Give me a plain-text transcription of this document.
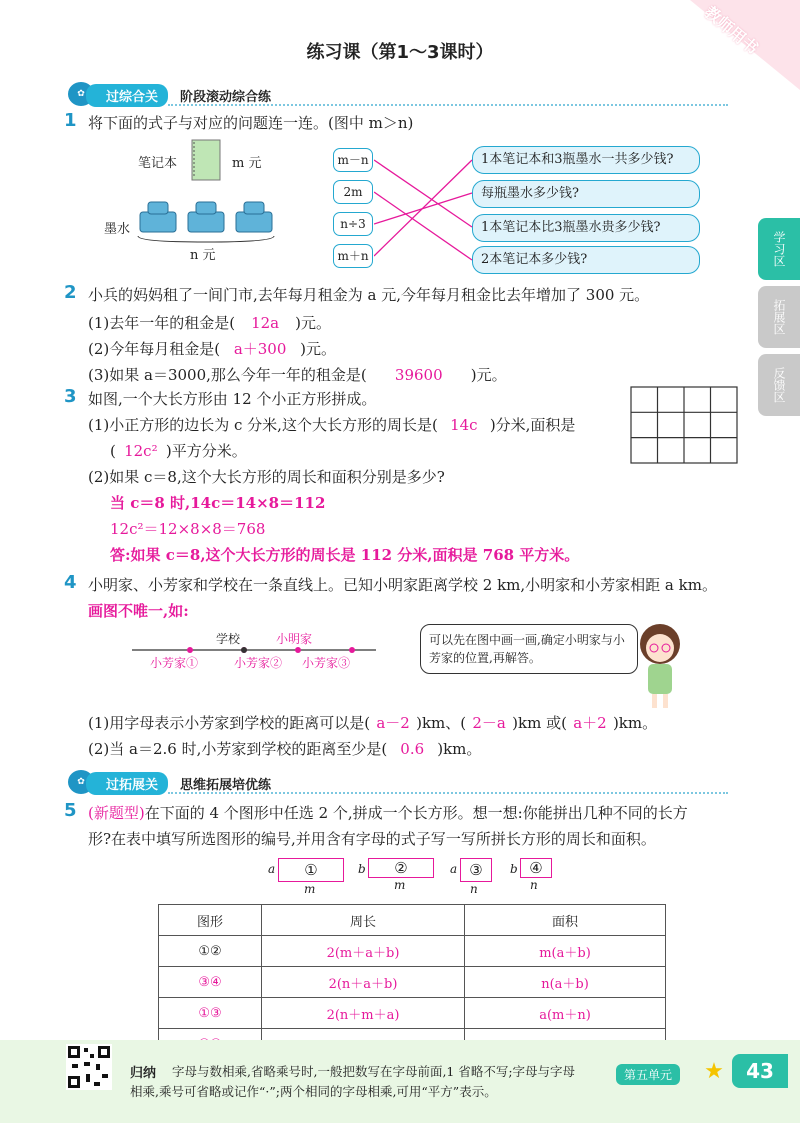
教师用书
练习课（第1～3课时）
✿	过综合关	阶段滚动综合练
学习区
拓展区
反馈区
1 将下面的式子与对应的问题连一连。(图中 m＞n)
笔记本	m 元
墨水
n 元
m－n
2m
n÷3
m＋n
1本笔记本和3瓶墨水一共多少钱?
每瓶墨水多少钱?
1本笔记本比3瓶墨水贵多少钱?
2本笔记本多少钱?
2 小兵的妈妈租了一间门市,去年每月租金为 a 元,今年每月租金比去年增加了 300 元。
(1)去年一年的租金是( 12a )元。
(2)今年每月租金是( a＋300 )元。
(3)如果 a＝3000,那么今年一年的租金是( 39600 )元。
3 如图,一个大长方形由 12 个小正方形拼成。
(1)小正方形的边长为 c 分米,这个大长方形的周长是( 14c )分米,面积是
( 12c² )平方分米。
(2)如果 c＝8,这个大长方形的周长和面积分别是多少?
当 c＝8 时,14c＝14×8＝112
12c²＝12×8×8＝768
答:如果 c＝8,这个大长方形的周长是 112 分米,面积是 768 平方米。
4 小明家、小芳家和学校在一条直线上。已知小明家距离学校 2 km,小明家和小芳家相距 a km。
画图不唯一,如:
学校	小明家
小芳家①	小芳家② 小芳家③
可以先在图中画一画,确定小明家与小芳家的位置,再解答。
(1)用字母表示小芳家到学校的距离可以是( a－2 )km、( 2－a )km 或( a＋2 )km。
(2)当 a＝2.6 时,小芳家到学校的距离至少是( 0.6 )km。
✿	过拓展关	思维拓展培优练
5 (新题型)在下面的 4 个图形中任选 2 个,拼成一个长方形。想一想:你能拼出几种不同的长方
形?在表中填写所选图形的编号,并用含有字母的式子写一写所拼长方形的周长和面积。
a	①
m
b	②
m
a ③
n
b ④
n
图形	周长	面积
①②	2(m＋a＋b)	m(a＋b)
③④	2(n＋a＋b)	n(a＋b)
①③	2(n＋m＋a)	a(m＋n)

归纳 字母与数相乘,省略乘号时,一般把数写在字母前面,1 省略不写;字母与字母
相乘,乘号可省略或记作“·”;两个相同的字母相乘,可用“平方”表示。
第五单元	★	43
